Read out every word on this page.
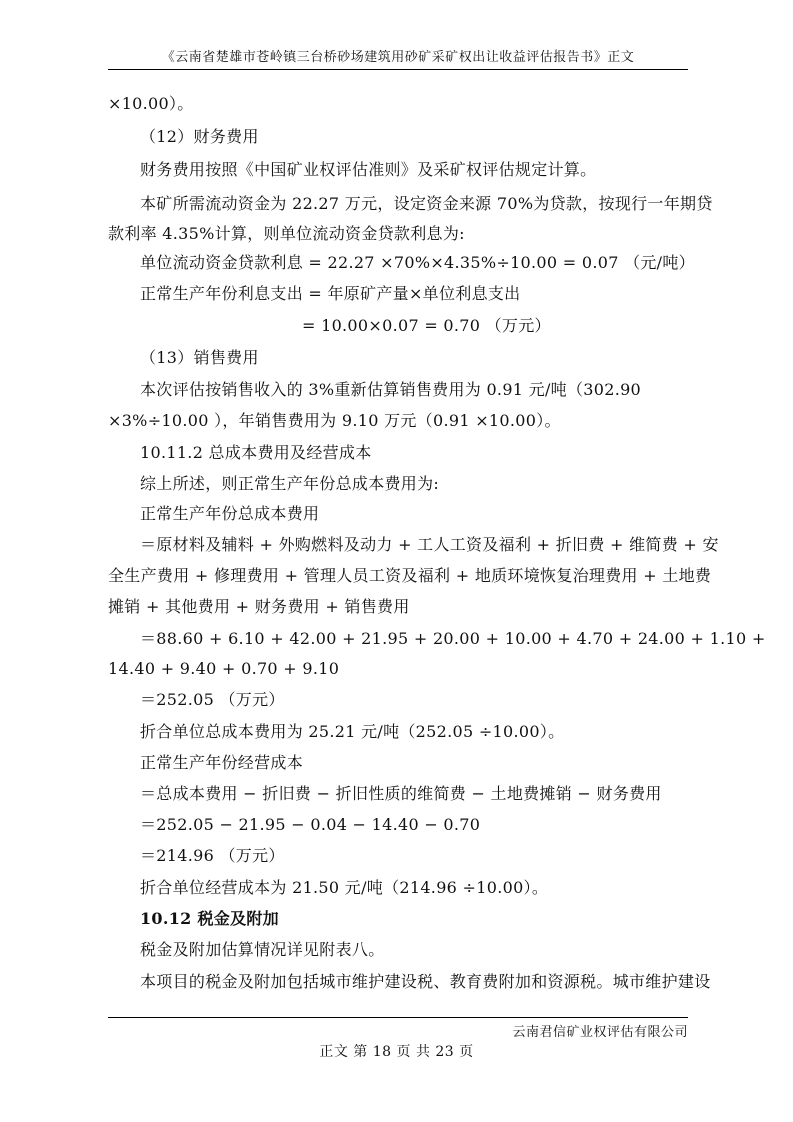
《云南省楚雄市苍岭镇三台桥砂场建筑用砂矿采矿权出让收益评估报告书》正文
×10.00）。
（12）财务费用
财务费用按照《中国矿业权评估准则》及采矿权评估规定计算。
本矿所需流动资金为 22.27 万元，设定资金来源 70%为贷款，按现行一年期贷
款利率 4.35%计算，则单位流动资金贷款利息为:
单位流动资金贷款利息 = 22.27 ×70%×4.35%÷10.00 = 0.07 （元/吨）
正常生产年份利息支出 = 年原矿产量×单位利息支出
= 10.00×0.07 = 0.70 （万元）
（13）销售费用
本次评估按销售收入的 3%重新估算销售费用为 0.91 元/吨（302.90
×3%÷10.00 ），年销售费用为 9.10 万元（0.91 ×10.00）。
10.11.2 总成本费用及经营成本
综上所述，则正常生产年份总成本费用为:
正常生产年份总成本费用
＝原材料及辅料 + 外购燃料及动力 + 工人工资及福利 + 折旧费 + 维简费 + 安
全生产费用 + 修理费用 + 管理人员工资及福利 + 地质环境恢复治理费用 + 土地费
摊销 + 其他费用 + 财务费用 + 销售费用
＝88.60 + 6.10 + 42.00 + 21.95 + 20.00 + 10.00 + 4.70 + 24.00 + 1.10 +
14.40 + 9.40 + 0.70 + 9.10
＝252.05 （万元）
折合单位总成本费用为 25.21 元/吨（252.05 ÷10.00）。
正常生产年份经营成本
＝总成本费用 − 折旧费 − 折旧性质的维简费 − 土地费摊销 − 财务费用
＝252.05 − 21.95 − 0.04 − 14.40 − 0.70
＝214.96 （万元）
折合单位经营成本为 21.50 元/吨（214.96 ÷10.00）。
10.12 税金及附加
税金及附加估算情况详见附表八。
本项目的税金及附加包括城市维护建设税、教育费附加和资源税。城市维护建设
云南君信矿业权评估有限公司
正文 第 18 页 共 23 页
